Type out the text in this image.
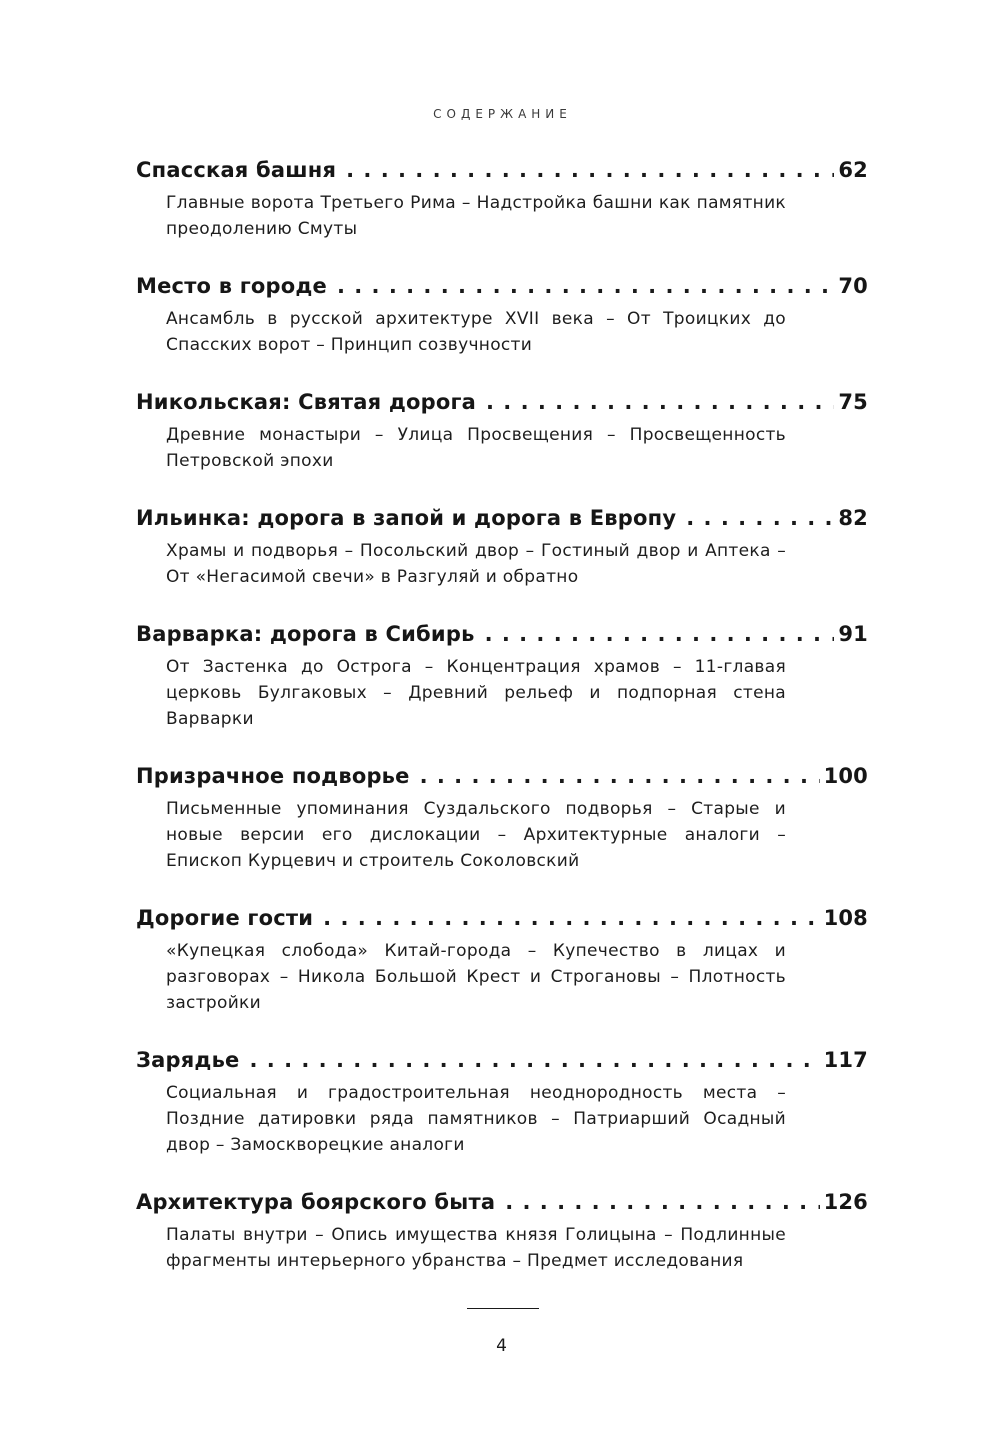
СОДЕРЖАНИЕ
Спасская башня . . .	62
Главные ворота Третьего Рима – Надстройка башни как памятник преодолению Смуты
Место в городе . . .	70
Ансамбль в русской архитектуре XVII века – От Троицких до Спасских ворот – Принцип созвучности
Никольская: Святая дорога . . .	75
Древние монастыри – Улица Просвещения – Просвещенность Петровской эпохи
Ильинка: дорога в запой и дорога в Европу . . .	82
Храмы и подворья – Посольский двор – Гостиный двор и Аптека – От «Негасимой свечи» в Разгуляй и обратно
Варварка: дорога в Сибирь . . .	91
От Застенка до Острога – Концентрация храмов – 11-главая церковь Булгаковых – Древний рельеф и подпорная стена Варварки
Призрачное подворье . . .	100
Письменные упоминания Суздальского подворья – Старые и новые версии его дислокации – Архитектурные аналоги – Епископ Курцевич и строитель Соколовский
Дорогие гости . . .	108
«Купецкая слобода» Китай-города – Купечество в лицах и разговорах – Никола Большой Крест и Строгановы – Плотность застройки
Зарядье . . .	117
Социальная и градостроительная неоднородность места – Поздние датировки ряда памятников – Патриарший Осадный двор – Замоскворецкие аналоги
Архитектура боярского быта . . .	126
Палаты внутри – Опись имущества князя Голицына – Подлинные фрагменты интерьерного убранства – Предмет исследования
4
